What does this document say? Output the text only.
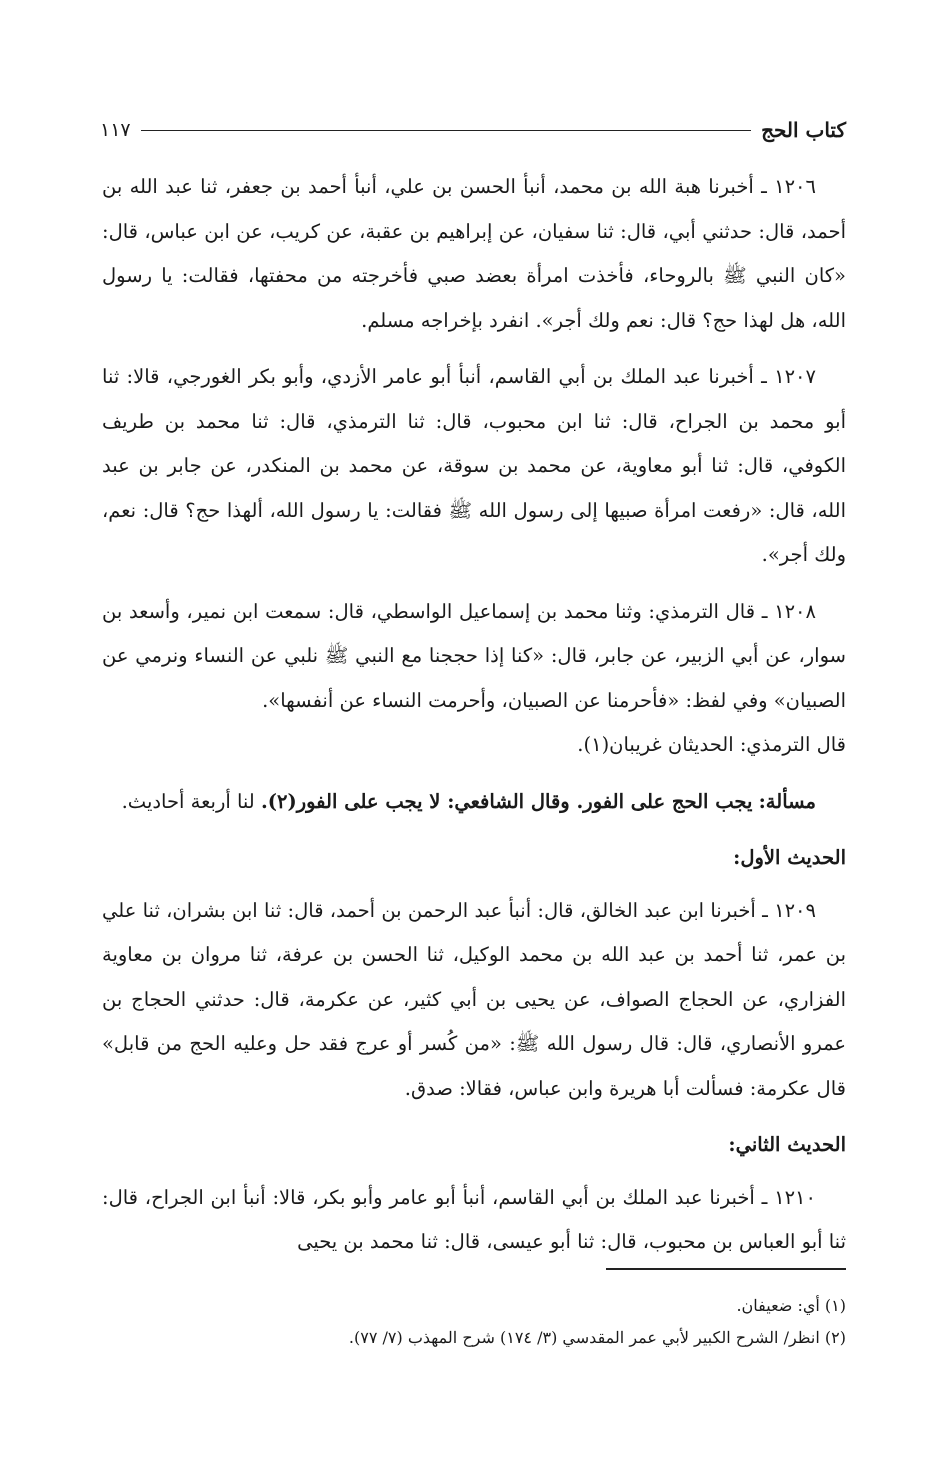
كتاب الحج
١١٧

١٢٠٦ ـ أخبرنا هبة الله بن محمد، أنبأ الحسن بن علي، أنبأ أحمد بن جعفر، ثنا عبد الله بن أحمد، قال: حدثني أبي، قال: ثنا سفيان، عن إبراهيم بن عقبة، عن كريب، عن ابن عباس، قال: «كان النبي ﷺ بالروحاء، فأخذت امرأة بعضد صبي فأخرجته من محفتها، فقالت: يا رسول الله، هل لهذا حج؟ قال: نعم ولك أجر». انفرد بإخراجه مسلم.

١٢٠٧ ـ أخبرنا عبد الملك بن أبي القاسم، أنبأ أبو عامر الأزدي، وأبو بكر الغورجي، قالا: ثنا أبو محمد بن الجراح، قال: ثنا ابن محبوب، قال: ثنا الترمذي، قال: ثنا محمد بن طريف الكوفي، قال: ثنا أبو معاوية، عن محمد بن سوقة، عن محمد بن المنكدر، عن جابر بن عبد الله، قال: «رفعت امرأة صبيها إلى رسول الله ﷺ فقالت: يا رسول الله، ألهذا حج؟ قال: نعم، ولك أجر».

١٢٠٨ ـ قال الترمذي: وثنا محمد بن إسماعيل الواسطي، قال: سمعت ابن نمير، وأسعد بن سوار، عن أبي الزبير، عن جابر، قال: «كنا إذا حججنا مع النبي ﷺ نلبي عن النساء ونرمي عن الصبيان» وفي لفظ: «فأحرمنا عن الصبيان، وأحرمت النساء عن أنفسها».

قال الترمذي: الحديثان غريبان(١).

مسألة: يجب الحج على الفور. وقال الشافعي: لا يجب على الفور(٢). لنا أربعة أحاديث.

الحديث الأول:

١٢٠٩ ـ أخبرنا ابن عبد الخالق، قال: أنبأ عبد الرحمن بن أحمد، قال: ثنا ابن بشران، ثنا علي بن عمر، ثنا أحمد بن عبد الله بن محمد الوكيل، ثنا الحسن بن عرفة، ثنا مروان بن معاوية الفزاري، عن الحجاج الصواف، عن يحيى بن أبي كثير، عن عكرمة، قال: حدثني الحجاج بن عمرو الأنصاري، قال: قال رسول الله ﷺ: «من كُسر أو عرج فقد حل وعليه الحج من قابل» قال عكرمة: فسألت أبا هريرة وابن عباس، فقالا: صدق.

الحديث الثاني:

١٢١٠ ـ أخبرنا عبد الملك بن أبي القاسم، أنبأ أبو عامر وأبو بكر، قالا: أنبأ ابن الجراح، قال: ثنا أبو العباس بن محبوب، قال: ثنا أبو عيسى، قال: ثنا محمد بن يحيى

(١) أي: ضعيفان.
(٢) انظر/ الشرح الكبير لأبي عمر المقدسي (٣/ ١٧٤) شرح المهذب (٧/ ٧٧).
